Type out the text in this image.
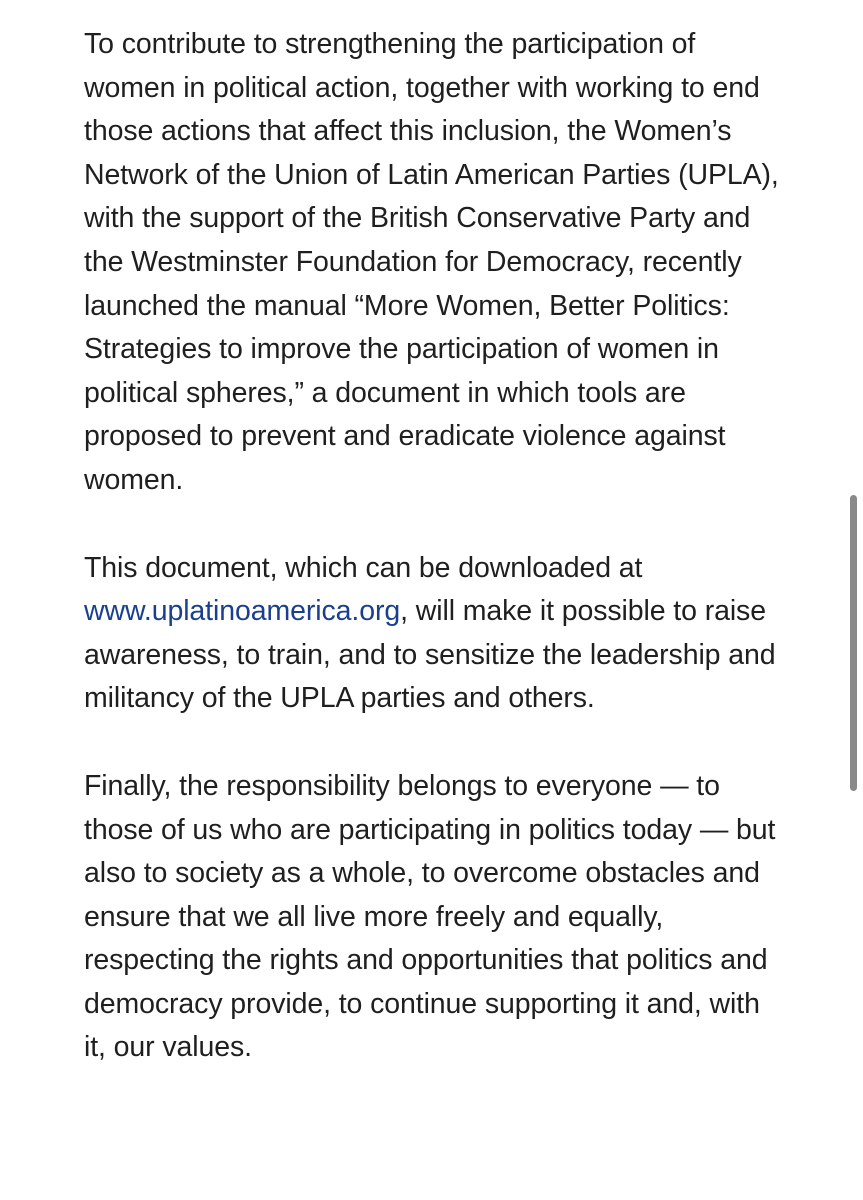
To contribute to strengthening the participation of women in political action, together with working to end those actions that affect this inclusion, the Women’s Network of the Union of Latin American Parties (UPLA), with the support of the British Conservative Party and the Westminster Foundation for Democracy, recently launched the manual “More Women, Better Politics: Strategies to improve the participation of women in political spheres,” a document in which tools are proposed to prevent and eradicate violence against women.

This document, which can be downloaded at www.uplatinoamerica.org, will make it possible to raise awareness, to train, and to sensitize the leadership and militancy of the UPLA parties and others.

Finally, the responsibility belongs to everyone — to those of us who are participating in politics today — but also to society as a whole, to overcome obstacles and ensure that we all live more freely and equally, respecting the rights and opportunities that politics and democracy provide, to continue supporting it and, with it, our values.
